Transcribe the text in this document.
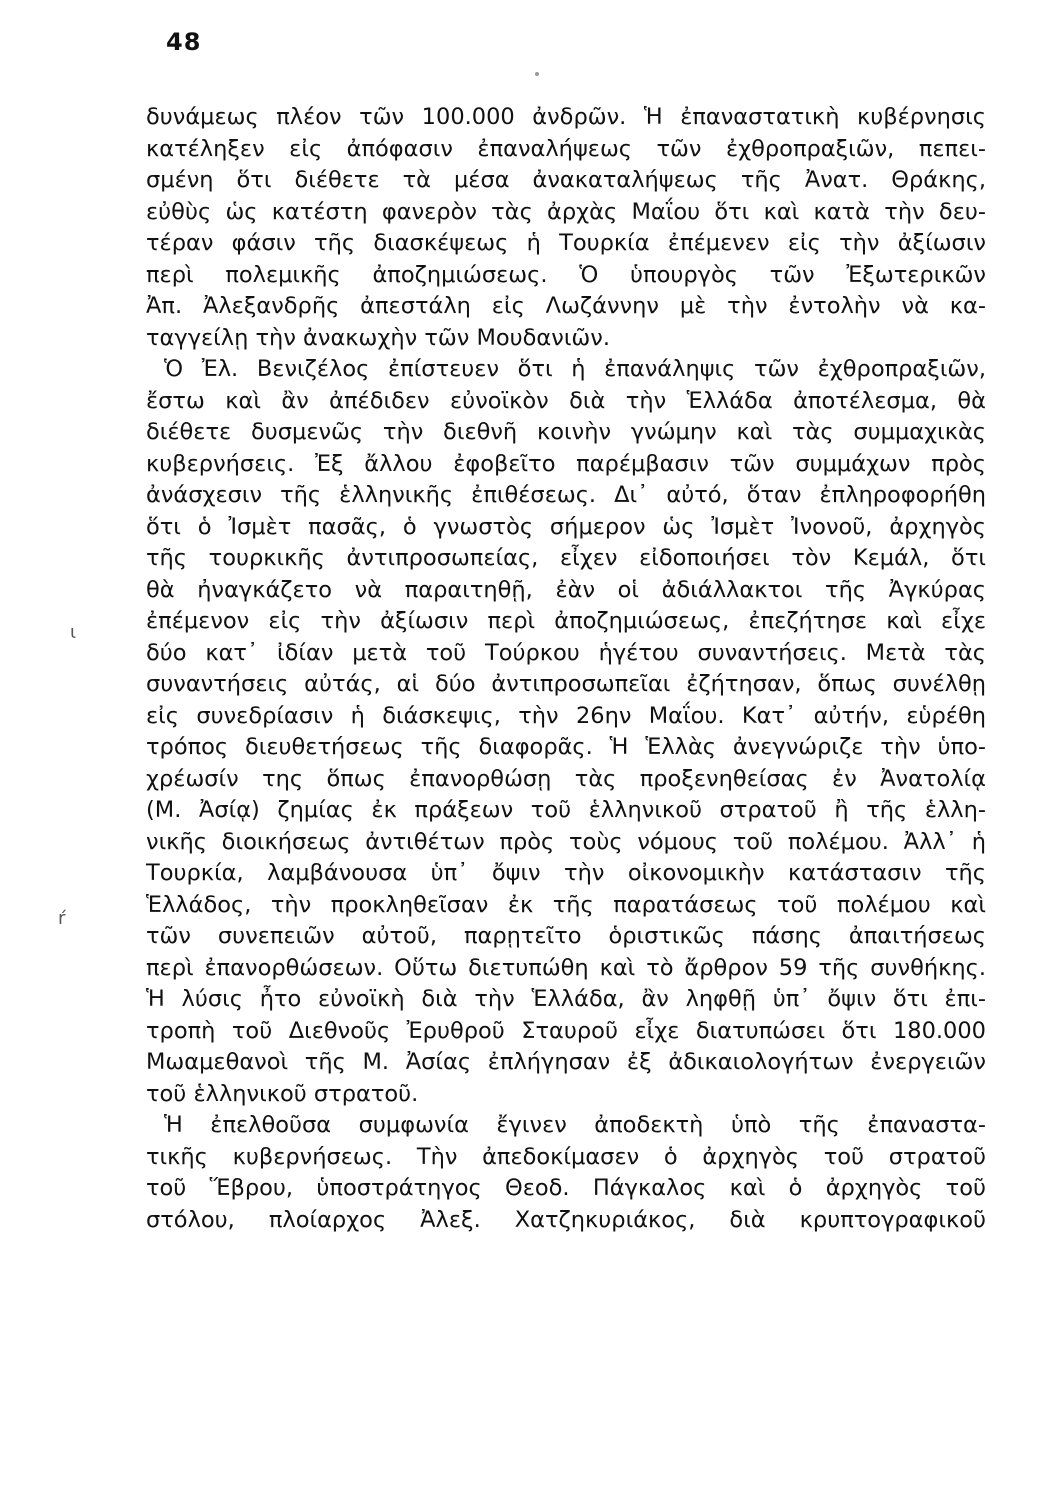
48
ι
ŕ
δυνάμεως πλέον τῶν 100.000 ἀνδρῶν. Ἡ ἐπαναστατικὴ κυβέρνησις
κατέληξεν εἰς ἀπόφασιν ἐπαναλήψεως τῶν ἐχθροπραξιῶν, πεπει-
σμένη ὅτι διέθετε τὰ μέσα ἀνακαταλήψεως τῆς Ἀνατ. Θράκης,
εὐθὺς ὡς κατέστη φανερὸν τὰς ἀρχὰς Μαΐου ὅτι καὶ κατὰ τὴν δευ-
τέραν φάσιν τῆς διασκέψεως ἡ Τουρκία ἐπέμενεν εἰς τὴν ἀξίωσιν
περὶ πολεμικῆς ἀποζημιώσεως. Ὁ ὑπουργὸς τῶν Ἐξωτερικῶν
Ἀπ. Ἀλεξανδρῆς ἀπεστάλη εἰς Λωζάννην μὲ τὴν ἐντολὴν νὰ κα-
ταγγείλῃ τὴν ἀνακωχὴν τῶν Μουδανιῶν.
Ὁ Ἐλ. Βενιζέλος ἐπίστευεν ὅτι ἡ ἐπανάληψις τῶν ἐχθροπραξιῶν,
ἔστω καὶ ἂν ἀπέδιδεν εὐνοϊκὸν διὰ τὴν Ἑλλάδα ἀποτέλεσμα, θὰ
διέθετε δυσμενῶς τὴν διεθνῆ κοινὴν γνώμην καὶ τὰς συμμαχικὰς
κυβερνήσεις. Ἐξ ἄλλου ἐφοβεῖτο παρέμβασιν τῶν συμμάχων πρὸς
ἀνάσχεσιν τῆς ἑλληνικῆς ἐπιθέσεως. Δι᾽ αὐτό, ὅταν ἐπληροφορήθη
ὅτι ὁ Ἰσμὲτ πασᾶς, ὁ γνωστὸς σήμερον ὡς Ἰσμὲτ Ἰνονοῦ, ἀρχηγὸς
τῆς τουρκικῆς ἀντιπροσωπείας, εἶχεν εἰδοποιήσει τὸν Κεμάλ, ὅτι
θὰ ἠναγκάζετο νὰ παραιτηθῇ, ἐὰν οἱ ἀδιάλλακτοι τῆς Ἀγκύρας
ἐπέμενον εἰς τὴν ἀξίωσιν περὶ ἀποζημιώσεως, ἐπεζήτησε καὶ εἶχε
δύο κατ᾽ ἰδίαν μετὰ τοῦ Τούρκου ἡγέτου συναντήσεις. Μετὰ τὰς
συναντήσεις αὐτάς, αἱ δύο ἀντιπροσωπεῖαι ἐζήτησαν, ὅπως συνέλθῃ
εἰς συνεδρίασιν ἡ διάσκεψις, τὴν 26ην Μαΐου. Κατ᾽ αὐτήν, εὑρέθη
τρόπος διευθετήσεως τῆς διαφορᾶς. Ἡ Ἑλλὰς ἀνεγνώριζε τὴν ὑπο-
χρέωσίν της ὅπως ἐπανορθώσῃ τὰς προξενηθείσας ἐν Ἀνατολίᾳ
(Μ. Ἀσίᾳ) ζημίας ἐκ πράξεων τοῦ ἑλληνικοῦ στρατοῦ ἢ τῆς ἑλλη-
νικῆς διοικήσεως ἀντιθέτων πρὸς τοὺς νόμους τοῦ πολέμου. Ἀλλ᾽ ἡ
Τουρκία, λαμβάνουσα ὑπ᾽ ὄψιν τὴν οἰκονομικὴν κατάστασιν τῆς
Ἑλλάδος, τὴν προκληθεῖσαν ἐκ τῆς παρατάσεως τοῦ πολέμου καὶ
τῶν συνεπειῶν αὐτοῦ, παρῃτεῖτο ὁριστικῶς πάσης ἀπαιτήσεως
περὶ ἐπανορθώσεων. Οὕτω διετυπώθη καὶ τὸ ἄρθρον 59 τῆς συνθήκης.
Ἡ λύσις ἦτο εὐνοϊκὴ διὰ τὴν Ἑλλάδα, ἂν ληφθῇ ὑπ᾽ ὄψιν ὅτι ἐπι-
τροπὴ τοῦ Διεθνοῦς Ἐρυθροῦ Σταυροῦ εἶχε διατυπώσει ὅτι 180.000
Μωαμεθανοὶ τῆς Μ. Ἀσίας ἐπλήγησαν ἐξ ἀδικαιολογήτων ἐνεργειῶν
τοῦ ἑλληνικοῦ στρατοῦ.
Ἡ ἐπελθοῦσα συμφωνία ἔγινεν ἀποδεκτὴ ὑπὸ τῆς ἐπαναστα-
τικῆς κυβερνήσεως. Τὴν ἀπεδοκίμασεν ὁ ἀρχηγὸς τοῦ στρατοῦ
τοῦ Ἕβρου, ὑποστράτηγος Θεοδ. Πάγκαλος καὶ ὁ ἀρχηγὸς τοῦ
στόλου, πλοίαρχος Ἀλεξ. Χατζηκυριάκος, διὰ κρυπτογραφικοῦ
